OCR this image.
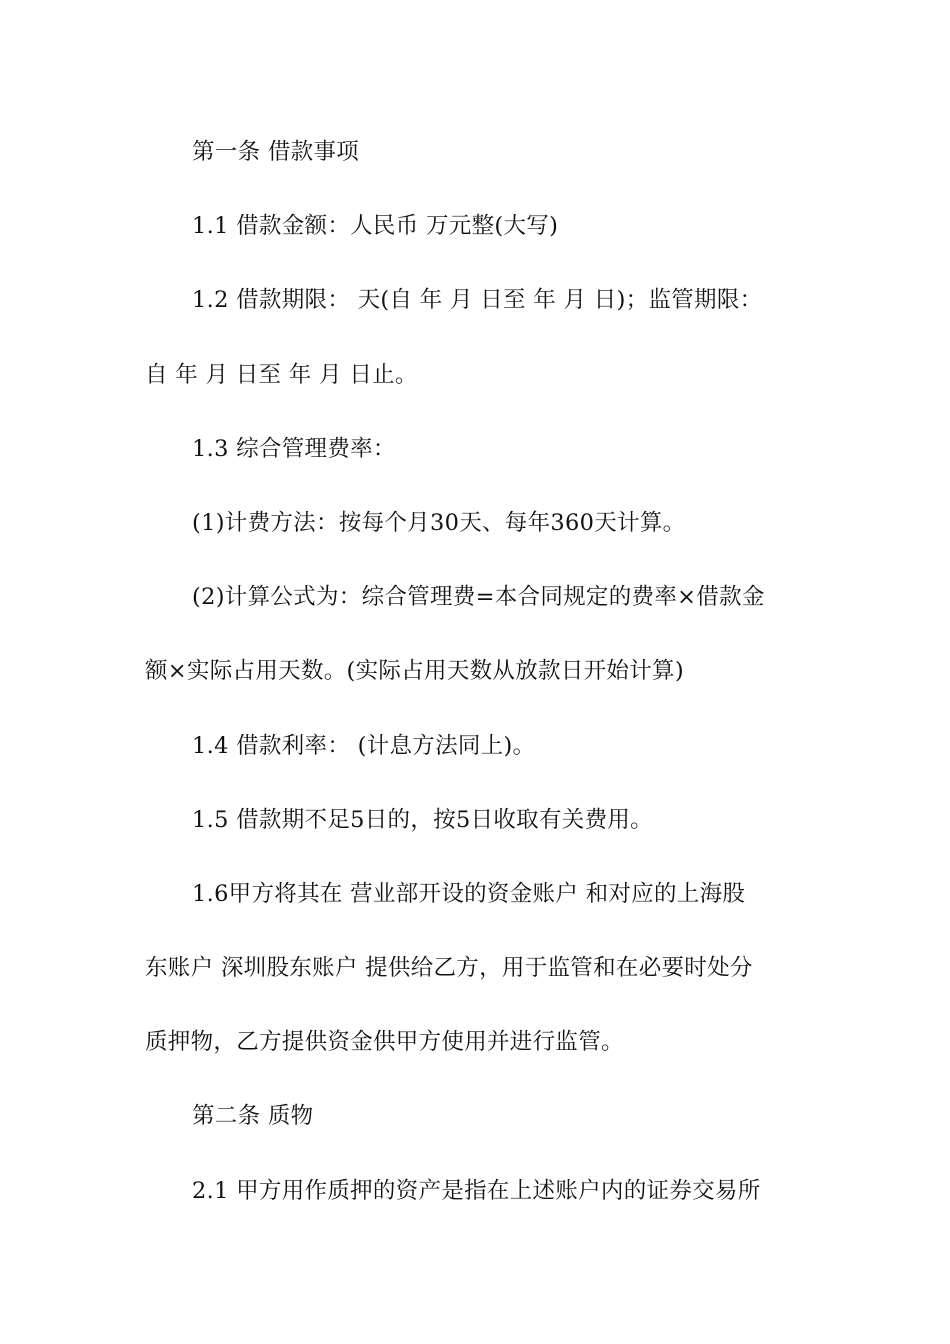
第一条 借款事项

1.1 借款金额：人民币 万元整(大写)

1.2 借款期限： 天(自 年 月 日至 年 月 日)；监管期限：

自 年 月 日至 年 月 日止。

1.3 综合管理费率：

(1)计费方法：按每个月30天、每年360天计算。

(2)计算公式为：综合管理费=本合同规定的费率×借款金

额×实际占用天数。(实际占用天数从放款日开始计算)

1.4 借款利率： (计息方法同上)。

1.5 借款期不足5日的，按5日收取有关费用。

1.6甲方将其在 营业部开设的资金账户 和对应的上海股

东账户 深圳股东账户 提供给乙方，用于监管和在必要时处分

质押物，乙方提供资金供甲方使用并进行监管。

第二条 质物

2.1 甲方用作质押的资产是指在上述账户内的证券交易所
